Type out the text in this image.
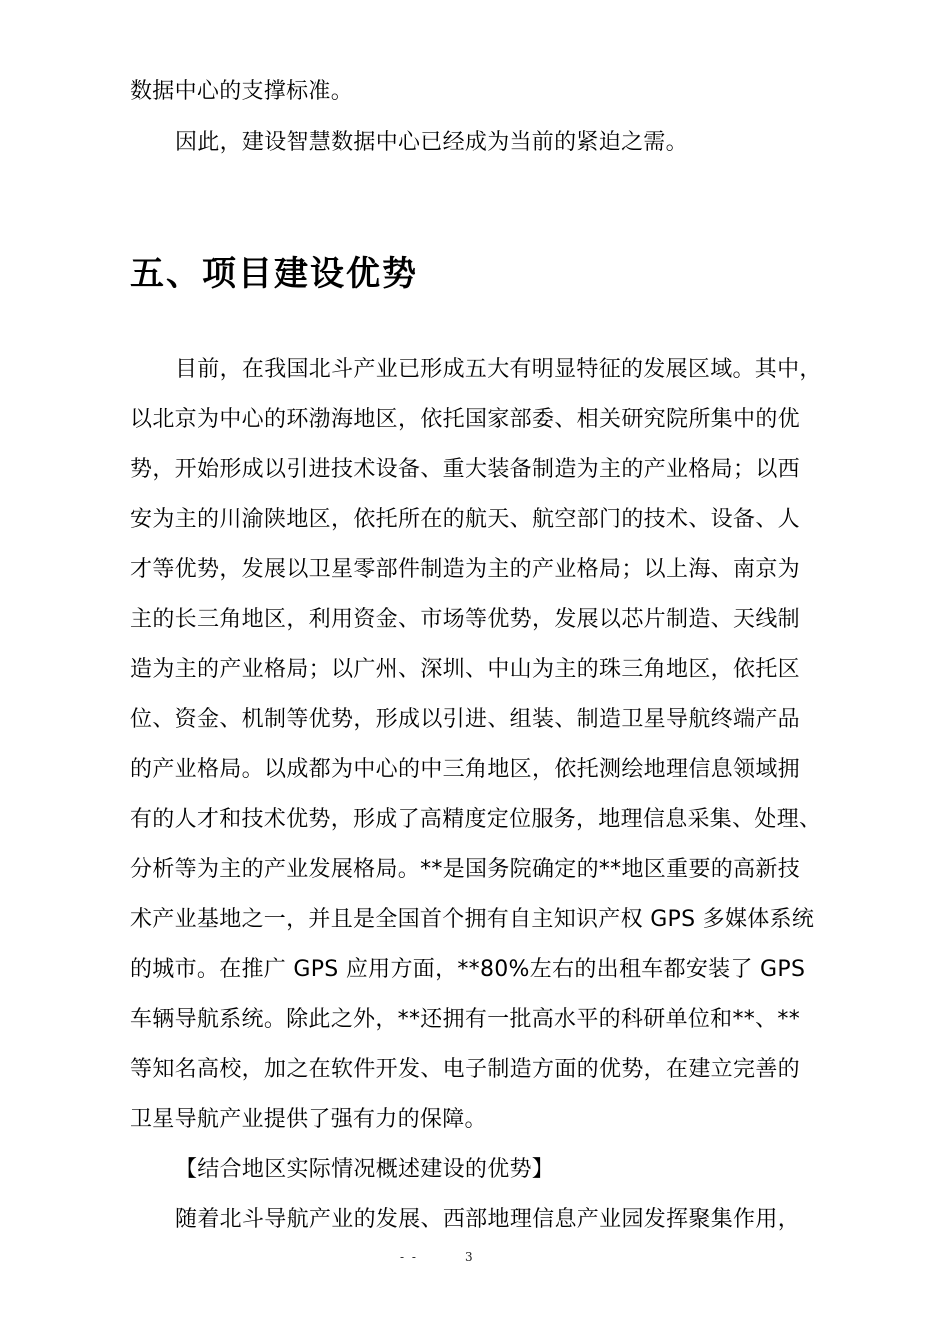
数据中心的支撑标准。
因此，建设智慧数据中心已经成为当前的紧迫之需。
五、项目建设优势
目前，在我国北斗产业已形成五大有明显特征的发展区域。其中，
以北京为中心的环渤海地区，依托国家部委、相关研究院所集中的优
势，开始形成以引进技术设备、重大装备制造为主的产业格局；以西
安为主的川渝陕地区，依托所在的航天、航空部门的技术、设备、人
才等优势，发展以卫星零部件制造为主的产业格局；以上海、南京为
主的长三角地区，利用资金、市场等优势，发展以芯片制造、天线制
造为主的产业格局；以广州、深圳、中山为主的珠三角地区，依托区
位、资金、机制等优势，形成以引进、组装、制造卫星导航终端产品
的产业格局。以成都为中心的中三角地区，依托测绘地理信息领域拥
有的人才和技术优势，形成了高精度定位服务，地理信息采集、处理、
分析等为主的产业发展格局。**是国务院确定的**地区重要的高新技
术产业基地之一，并且是全国首个拥有自主知识产权 GPS 多媒体系统
的城市。在推广 GPS 应用方面，**80%左右的出租车都安装了 GPS
车辆导航系统。除此之外，**还拥有一批高水平的科研单位和**、**
等知名高校，加之在软件开发、电子制造方面的优势，在建立完善的
卫星导航产业提供了强有力的保障。
【结合地区实际情况概述建设的优势】
随着北斗导航产业的发展、西部地理信息产业园发挥聚集作用，
- -	3
